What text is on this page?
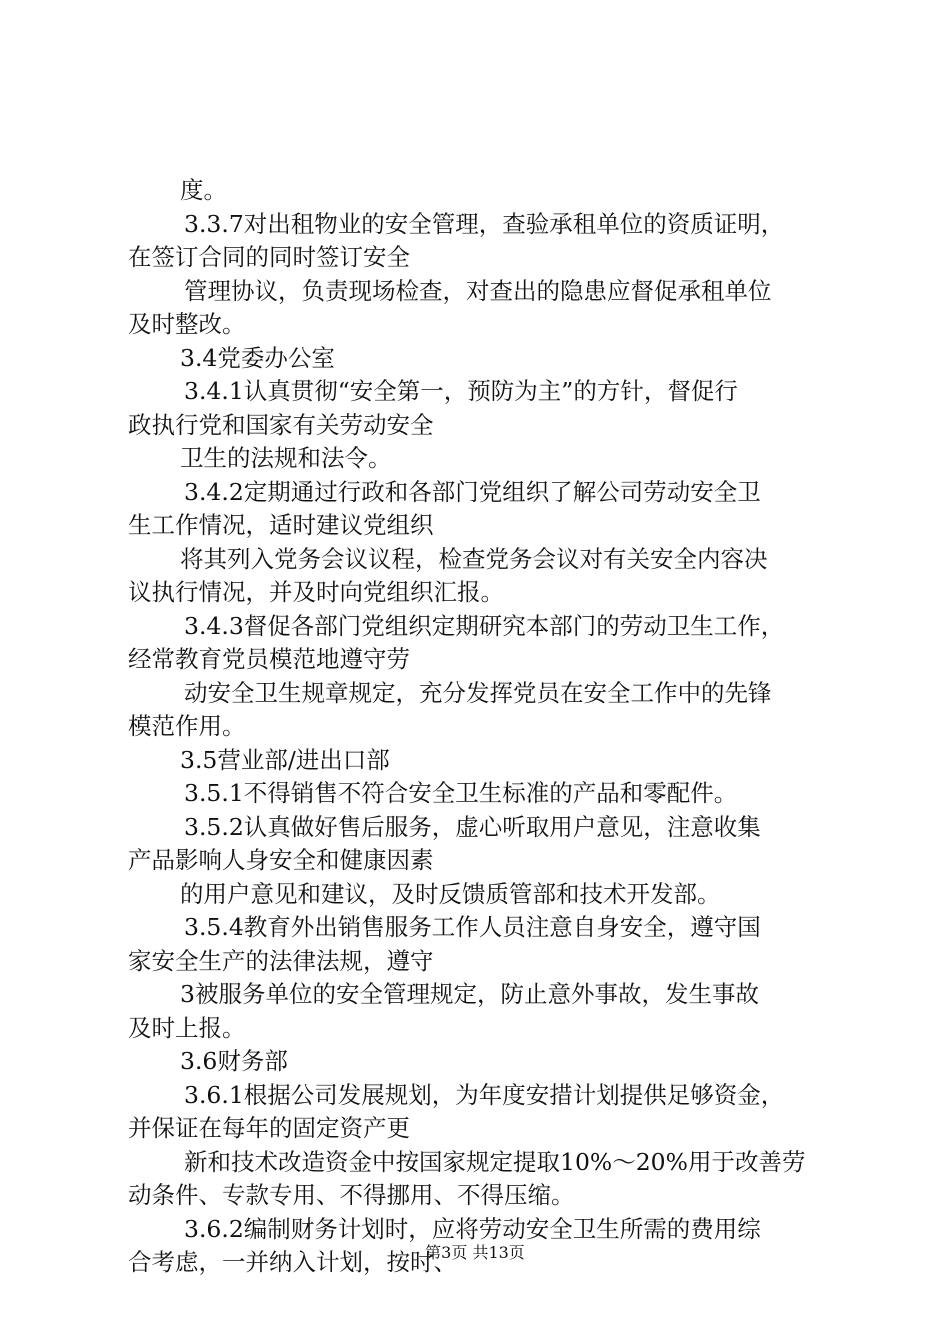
度。
3.3.7对出租物业的安全管理，查验承租单位的资质证明，
在签订合同的同时签订安全
管理协议，负责现场检查，对查出的隐患应督促承租单位
及时整改。
3.4党委办公室
3.4.1认真贯彻“安全第一，预防为主”的方针，督促行
政执行党和国家有关劳动安全
卫生的法规和法令。
3.4.2定期通过行政和各部门党组织了解公司劳动安全卫
生工作情况，适时建议党组织
将其列入党务会议议程，检查党务会议对有关安全内容决
议执行情况，并及时向党组织汇报。
3.4.3督促各部门党组织定期研究本部门的劳动卫生工作，
经常教育党员模范地遵守劳
动安全卫生规章规定，充分发挥党员在安全工作中的先锋
模范作用。
3.5营业部/进出口部
3.5.1不得销售不符合安全卫生标准的产品和零配件。
3.5.2认真做好售后服务，虚心听取用户意见，注意收集
产品影响人身安全和健康因素
的用户意见和建议，及时反馈质管部和技术开发部。
3.5.4教育外出销售服务工作人员注意自身安全，遵守国
家安全生产的法律法规，遵守
3被服务单位的安全管理规定，防止意外事故，发生事故
及时上报。
3.6财务部
3.6.1根据公司发展规划，为年度安措计划提供足够资金，
并保证在每年的固定资产更
新和技术改造资金中按国家规定提取10%～20%用于改善劳
动条件、专款专用、不得挪用、不得压缩。
3.6.2编制财务计划时，应将劳动安全卫生所需的费用综
合考虑，一并纳入计划，按时、
第3页 共13页
